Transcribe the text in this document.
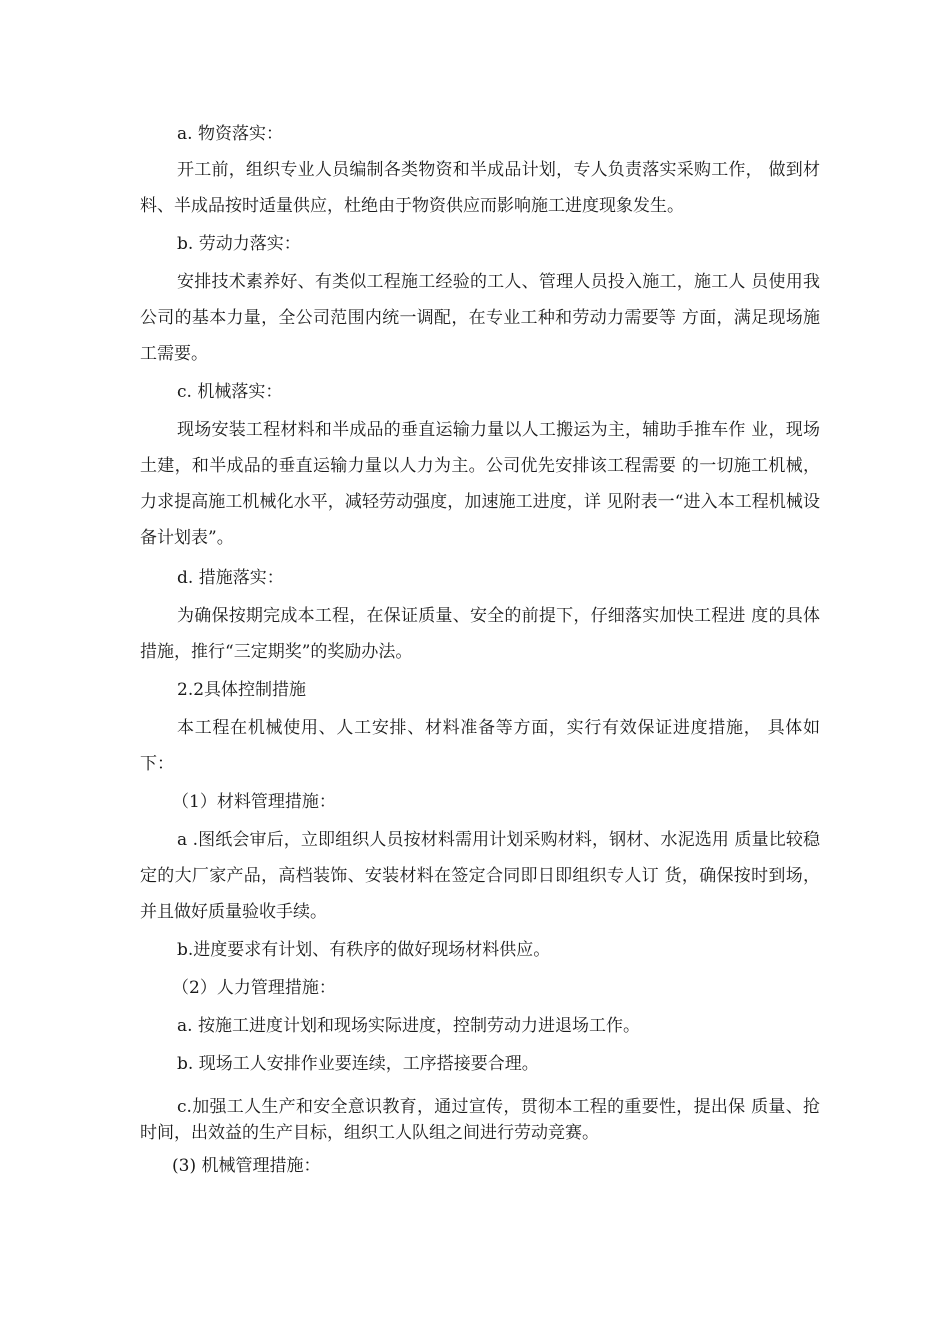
a. 物资落实：

开工前，组织专业人员编制各类物资和半成品计划，专人负责落实采购工作， 做到材料、半成品按时适量供应，杜绝由于物资供应而影响施工进度现象发生。

b. 劳动力落实：

安排技术素养好、有类似工程施工经验的工人、管理人员投入施工，施工人 员使用我公司的基本力量，全公司范围内统一调配，在专业工种和劳动力需要等 方面，满足现场施工需要。

c. 机械落实：

现场安装工程材料和半成品的垂直运输力量以人工搬运为主，辅助手推车作 业，现场土建，和半成品的垂直运输力量以人力为主。公司优先安排该工程需要 的一切施工机械，力求提高施工机械化水平，减轻劳动强度，加速施工进度，详 见附表一“进入本工程机械设备计划表”。

d. 措施落实：

为确保按期完成本工程，在保证质量、安全的前提下，仔细落实加快工程进 度的具体措施，推行“三定期奖”的奖励办法。

2.2具体控制措施

本工程在机械使用、人工安排、材料准备等方面，实行有效保证进度措施， 具体如下：

（1）材料管理措施：

a .图纸会审后，立即组织人员按材料需用计划采购材料，钢材、水泥选用 质量比较稳定的大厂家产品，高档装饰、安装材料在签定合同即日即组织专人订 货，确保按时到场，并且做好质量验收手续。

b.进度要求有计划、有秩序的做好现场材料供应。

（2）人力管理措施：

a. 按施工进度计划和现场实际进度，控制劳动力进退场工作。

b. 现场工人安排作业要连续，工序搭接要合理。

c.加强工人生产和安全意识教育，通过宣传，贯彻本工程的重要性，提出保 质量、抢时间，出效益的生产目标，组织工人队组之间进行劳动竞赛。

(3) 机械管理措施：
